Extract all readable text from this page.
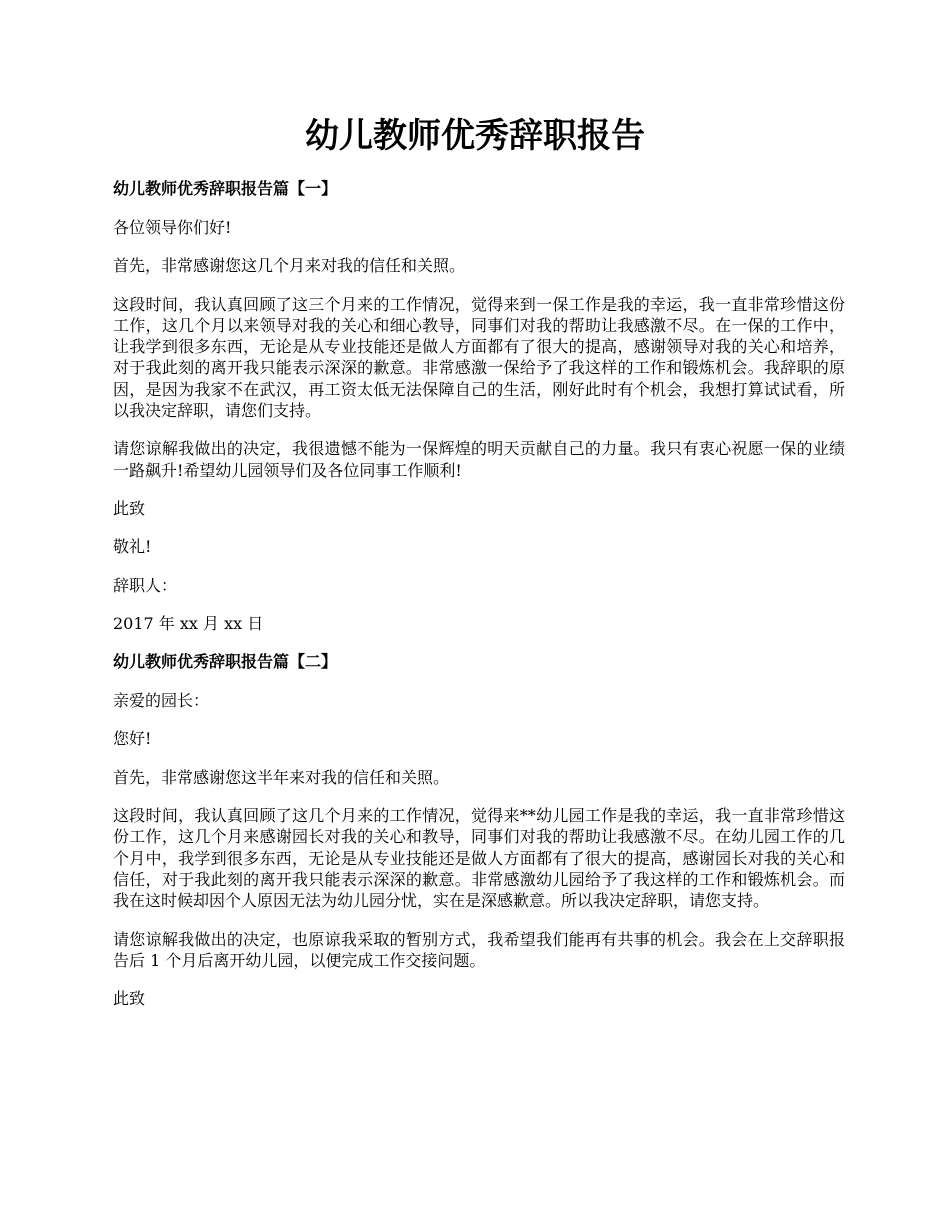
幼儿教师优秀辞职报告
幼儿教师优秀辞职报告篇【一】
各位领导你们好!
首先，非常感谢您这几个月来对我的信任和关照。
这段时间，我认真回顾了这三个月来的工作情况，觉得来到一保工作是我的幸运，我一直非常珍惜这份工作，这几个月以来领导对我的关心和细心教导，同事们对我的帮助让我感激不尽。在一保的工作中，让我学到很多东西，无论是从专业技能还是做人方面都有了很大的提高，感谢领导对我的关心和培养，对于我此刻的离开我只能表示深深的歉意。非常感激一保给予了我这样的工作和锻炼机会。我辞职的原因，是因为我家不在武汉，再工资太低无法保障自己的生活，刚好此时有个机会，我想打算试试看，所以我决定辞职，请您们支持。
请您谅解我做出的决定，我很遗憾不能为一保辉煌的明天贡献自己的力量。我只有衷心祝愿一保的业绩一路飙升!希望幼儿园领导们及各位同事工作顺利!
此致
敬礼!
辞职人：
2017 年 xx 月 xx 日
幼儿教师优秀辞职报告篇【二】
亲爱的园长：
您好!
首先，非常感谢您这半年来对我的信任和关照。
这段时间，我认真回顾了这几个月来的工作情况，觉得来**幼儿园工作是我的幸运，我一直非常珍惜这份工作，这几个月来感谢园长对我的关心和教导，同事们对我的帮助让我感激不尽。在幼儿园工作的几个月中，我学到很多东西，无论是从专业技能还是做人方面都有了很大的提高，感谢园长对我的关心和信任，对于我此刻的离开我只能表示深深的歉意。非常感激幼儿园给予了我这样的工作和锻炼机会。而我在这时候却因个人原因无法为幼儿园分忧，实在是深感歉意。所以我决定辞职，请您支持。
请您谅解我做出的决定，也原谅我采取的暂别方式，我希望我们能再有共事的机会。我会在上交辞职报告后 1 个月后离开幼儿园，以便完成工作交接问题。
此致
